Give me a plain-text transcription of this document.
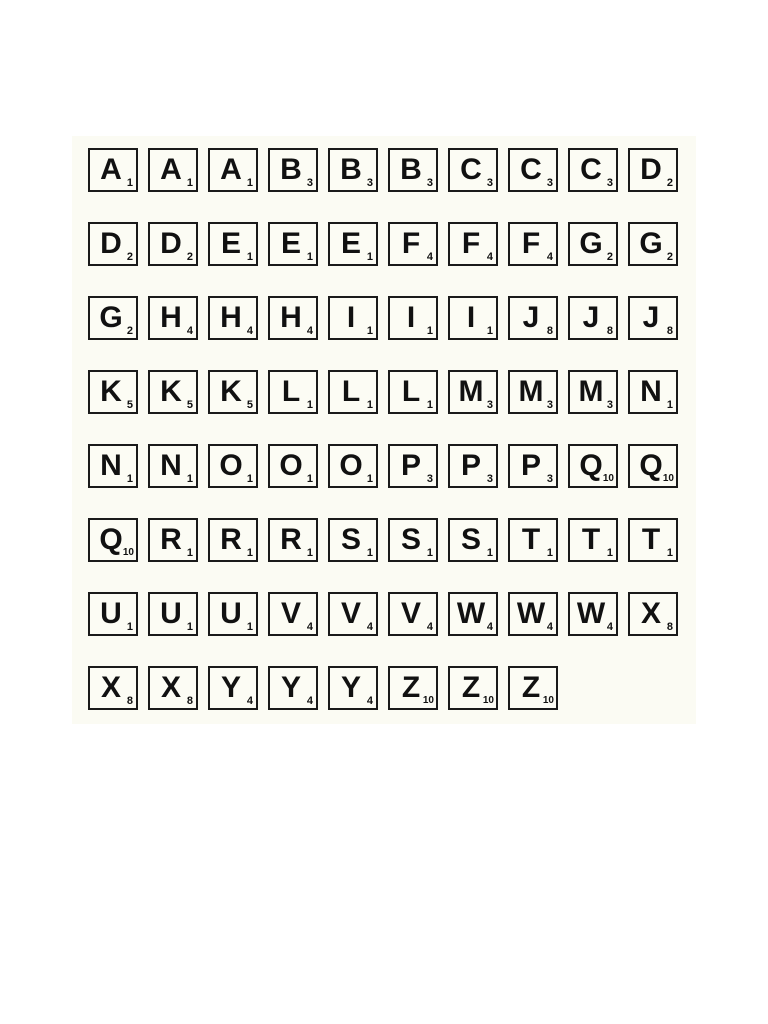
A 1 A 1 A 1 B 3 B 3 B 3 C 3 C 3 C 3 D 2
D 2 D 2 E 1 E 1 E 1 F 4 F 4 F 4 G 2 G 2
G 2 H 4 H 4 H 4	I	1	I	1	I	1 J 8 J 8 J 8
K 5 K 5 K 5 L 1 L 1 L 1 M 3 M 3 M 3 N 1
N 1 N 1 O 1 O 1 O 1 P 3 P 3 P 3 Q 10 Q 10
Q 10 R 1 R 1 R 1 S 1 S 1 S 1 T 1 T 1 T 1
U 1 U 1 U 1 V 4 V 4 V 4 W 4 W 4 W 4 X 8
X 8 X 8 Y 4 Y 4 Y 4 Z 10 Z 10 Z 10
